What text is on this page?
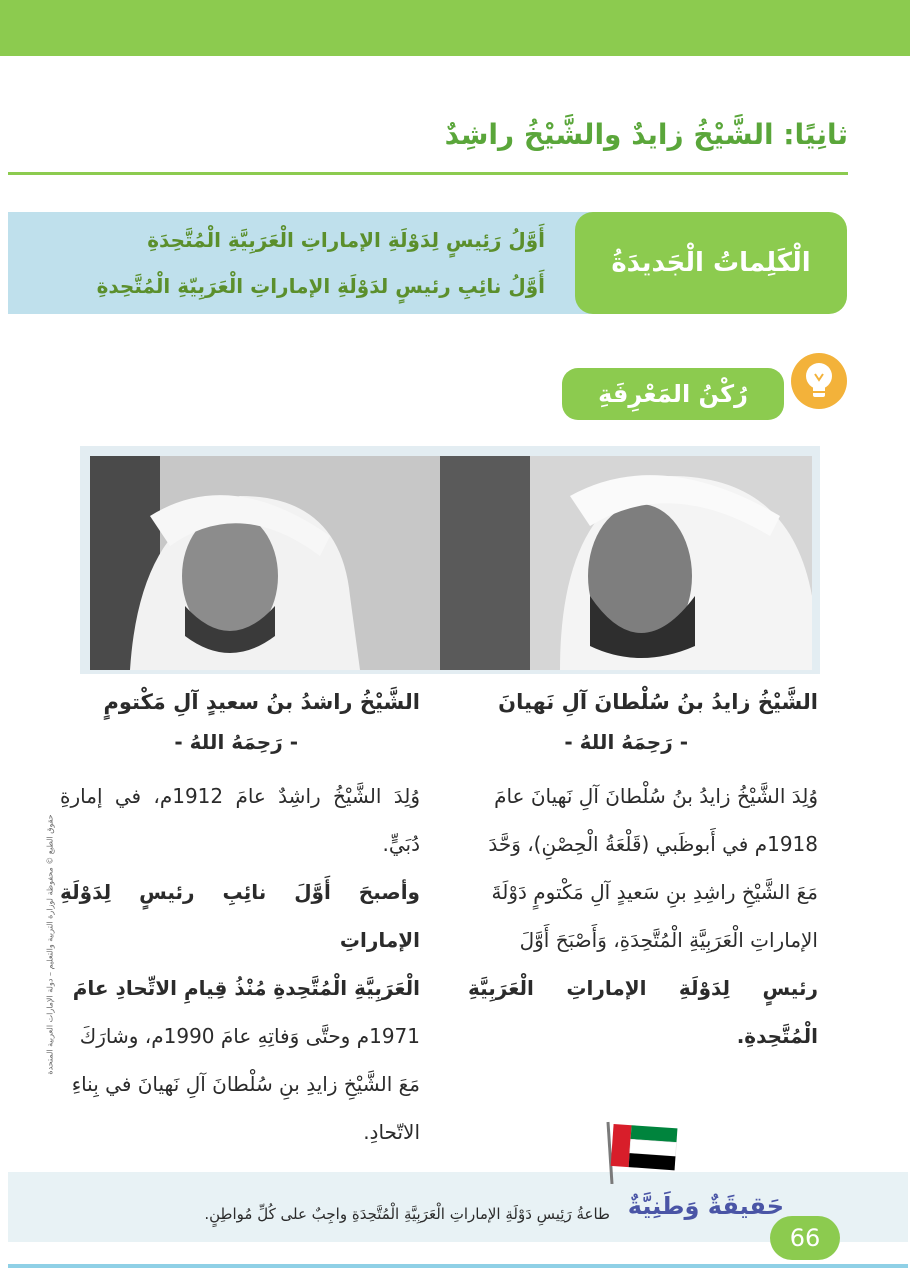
ثانِيًا: الشَّيْخُ زايدٌ والشَّيْخُ راشِدٌ
الْكَلِماتُ الْجَديدَةُ
أَوَّلُ رَئِيسٍ لِدَوْلَةِ الإماراتِ الْعَرَبِيَّةِ الْمُتَّحِدَةِ
أَوَّلُ نائِبِ رئيسٍ لدَوْلَةِ الإماراتِ الْعَرَبِيّةِ الْمُتَّحِدةِ
رُكْنُ المَعْرِفَةِ
الشَّيْخُ زايدُ بنُ سُلْطانَ آلِ نَهيانَ
- رَحِمَهُ اللهُ -
وُلِدَ الشَّيْخُ زايدُ بنُ سُلْطانَ آلِ نَهيانَ عامَ
1918م في أَبوظَبي (قَلْعَةُ الْحِصْنِ)، وَحَّدَ
مَعَ الشَّيْخِ راشِدِ بنِ سَعيدٍ آلِ مَكْتومٍ دَوْلَةَ
الإماراتِ الْعَرَبِيَّةِ الْمُتَّحِدَةِ، وَأَصْبَحَ أَوَّلَ
رئيسٍ لِدَوْلَةِ الإماراتِ الْعَرَبِيَّةِ الْمُتَّحِدةِ.
الشَّيْخُ راشدُ بنُ سعيدٍ آلِ مَكْتومٍ
- رَحِمَهُ اللهُ -
وُلِدَ الشَّيْخُ راشِدٌ عامَ 1912م، في إمارةِ دُبَيٍّ.
وأصبحَ أَوَّلَ نائِبِ رئيسٍ لِدَوْلَةِ الإماراتِ
الْعَرَبِيَّةِ الْمُتَّحِدةِ مُنْذُ قِيامِ الاتِّحادِ عامَ
1971م وحتَّى وَفاتِهِ عامَ 1990م، وشارَكَ
مَعَ الشَّيْخِ زايدِ بنِ سُلْطانَ آلِ نَهيانَ في بِناءِ
الاتّحادِ.
حقوق الطبع © محفوظة لوزارة التربية والتعليم – دولة الإمارات العربية المتحدة
حَقيقَةٌ وَطَنِيَّةٌ
طاعةُ رَئِيسِ دَوْلَةِ الإماراتِ الْعَرَبِيَّةِ الْمُتَّحِدَةِ واجِبٌ على كُلِّ مُواطِنٍ.
66
